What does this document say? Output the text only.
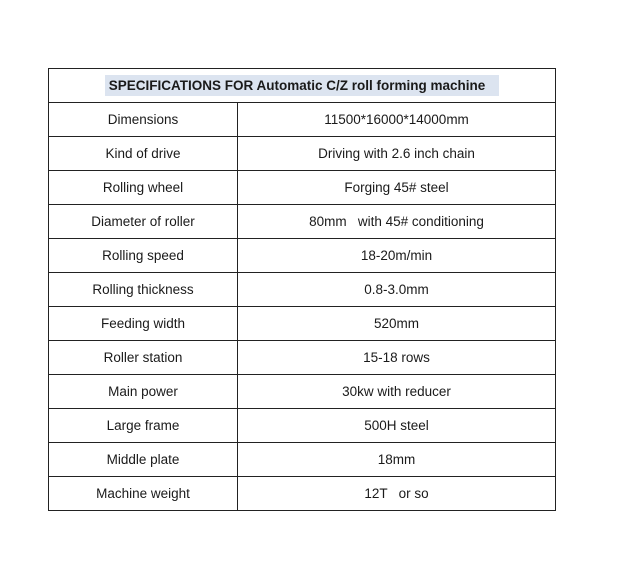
SPECIFICATIONS FOR Automatic C/Z roll forming machine	
Dimensions	11500*16000*14000mm
Kind of drive	Driving with 2.6 inch chain
Rolling wheel	Forging 45# steel
Diameter of roller	80mm   with 45# conditioning
Rolling speed	18-20m/min
Rolling thickness	0.8-3.0mm
Feeding width	520mm
Roller station	15-18 rows
Main power	30kw with reducer
Large frame	500H steel
Middle plate	18mm
Machine weight	12T   or so
